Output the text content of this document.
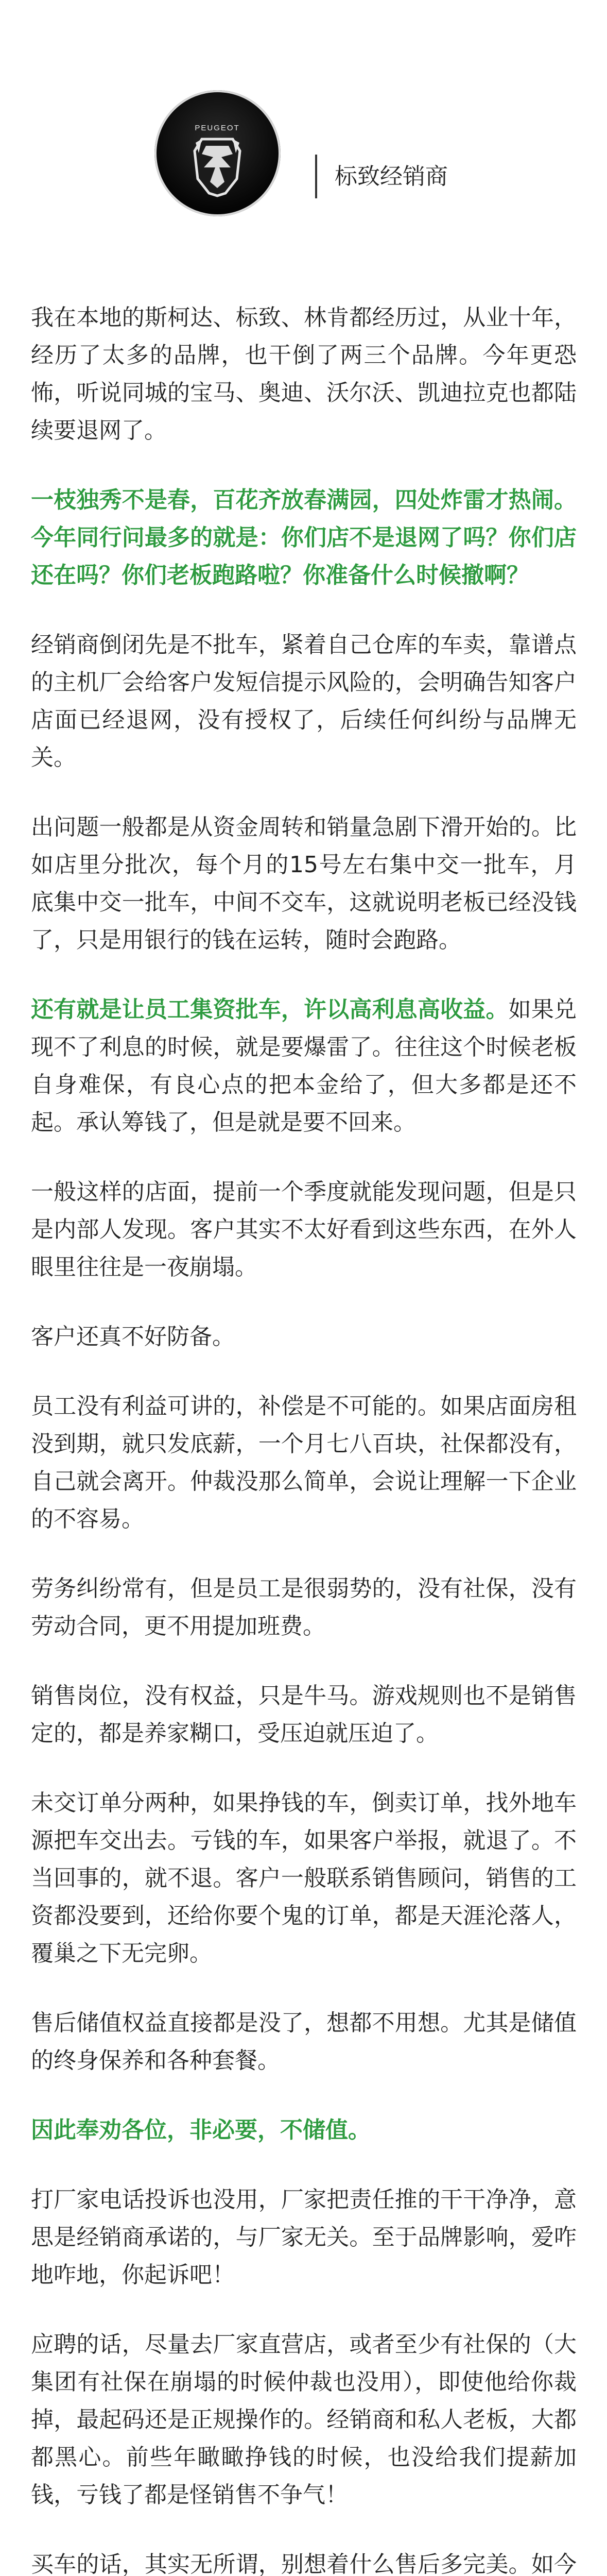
PEUGEOT
标致经销商

我在本地的斯柯达、标致、林肯都经历过，从业十年，经历了太多的品牌，也干倒了两三个品牌。今年更恐怖，听说同城的宝马、奥迪、沃尔沃、凯迪拉克也都陆续要退网了。

一枝独秀不是春，百花齐放春满园，四处炸雷才热闹。今年同行问最多的就是：你们店不是退网了吗？你们店还在吗？你们老板跑路啦？你准备什么时候撤啊？

经销商倒闭先是不批车，紧着自己仓库的车卖，靠谱点的主机厂会给客户发短信提示风险的，会明确告知客户店面已经退网，没有授权了，后续任何纠纷与品牌无关。

出问题一般都是从资金周转和销量急剧下滑开始的。比如店里分批次，每个月的15号左右集中交一批车，月底集中交一批车，中间不交车，这就说明老板已经没钱了，只是用银行的钱在运转，随时会跑路。

还有就是让员工集资批车，许以高利息高收益。如果兑现不了利息的时候，就是要爆雷了。往往这个时候老板自身难保，有良心点的把本金给了，但大多都是还不起。承认筹钱了，但是就是要不回来。

一般这样的店面，提前一个季度就能发现问题，但是只是内部人发现。客户其实不太好看到这些东西，在外人眼里往往是一夜崩塌。

客户还真不好防备。

员工没有利益可讲的，补偿是不可能的。如果店面房租没到期，就只发底薪，一个月七八百块，社保都没有，自己就会离开。仲裁没那么简单，会说让理解一下企业的不容易。

劳务纠纷常有，但是员工是很弱势的，没有社保，没有劳动合同，更不用提加班费。

销售岗位，没有权益，只是牛马。游戏规则也不是销售定的，都是养家糊口，受压迫就压迫了。

未交订单分两种，如果挣钱的车，倒卖订单，找外地车源把车交出去。亏钱的车，如果客户举报，就退了。不当回事的，就不退。客户一般联系销售顾问，销售的工资都没要到，还给你要个鬼的订单，都是天涯沦落人，覆巢之下无完卵。

售后储值权益直接都是没了，想都不用想。尤其是储值的终身保养和各种套餐。

因此奉劝各位，非必要，不储值。

打厂家电话投诉也没用，厂家把责任推的干干净净，意思是经销商承诺的，与厂家无关。至于品牌影响，爱咋地咋地，你起诉吧！

应聘的话，尽量去厂家直营店，或者至少有社保的（大集团有社保在崩塌的时候仲裁也没用），即使他给你裁掉，最起码还是正规操作的。经销商和私人老板，大都都黑心。前些年瞰瞰挣钱的时候，也没给我们提薪加钱，亏钱了都是怪销售不争气！

买车的话，其实无所谓，别想着什么售后多完美。如今
